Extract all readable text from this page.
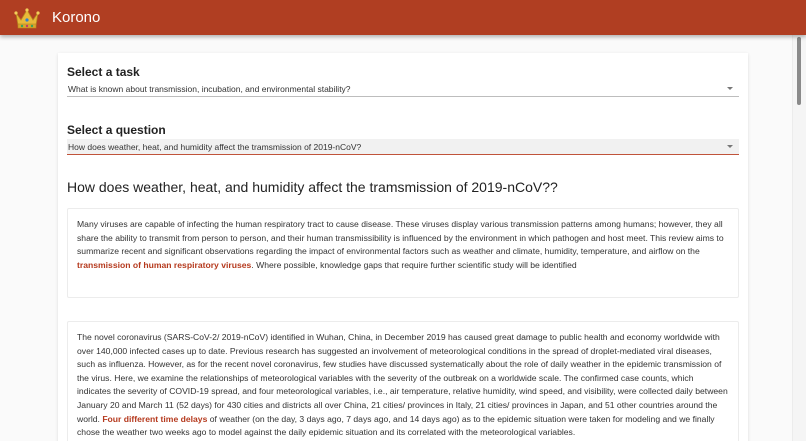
Korono
Select a task
What is known about transmission, incubation, and environmental stability?
Select a question
How does weather, heat, and humidity affect the tramsmission of 2019-nCoV?
How does weather, heat, and humidity affect the tramsmission of 2019-nCoV??
Many viruses are capable of infecting the human respiratory tract to cause disease. These viruses display various transmission patterns among humans; however, they all share the ability to transmit from person to person, and their human transmissibility is influenced by the environment in which pathogen and host meet. This review aims to summarize recent and significant observations regarding the impact of environmental factors such as weather and climate, humidity, temperature, and airflow on the transmission of human respiratory viruses. Where possible, knowledge gaps that require further scientific study will be identified
The novel coronavirus (SARS-CoV-2/ 2019-nCoV) identified in Wuhan, China, in December 2019 has caused great damage to public health and economy worldwide with over 140,000 infected cases up to date. Previous research has suggested an involvement of meteorological conditions in the spread of droplet-mediated viral diseases, such as influenza. However, as for the recent novel coronavirus, few studies have discussed systematically about the role of daily weather in the epidemic transmission of the virus. Here, we examine the relationships of meteorological variables with the severity of the outbreak on a worldwide scale. The confirmed case counts, which indicates the severity of COVID-19 spread, and four meteorological variables, i.e., air temperature, relative humidity, wind speed, and visibility, were collected daily between January 20 and March 11 (52 days) for 430 cities and districts all over China, 21 cities/ provinces in Italy, 21 cities/ provinces in Japan, and 51 other countries around the world. Four different time delays of weather (on the day, 3 days ago, 7 days ago, and 14 days ago) as to the epidemic situation were taken for modeling and we finally chose the weather two weeks ago to model against the daily epidemic situation and its correlated with the meteorological variables.
